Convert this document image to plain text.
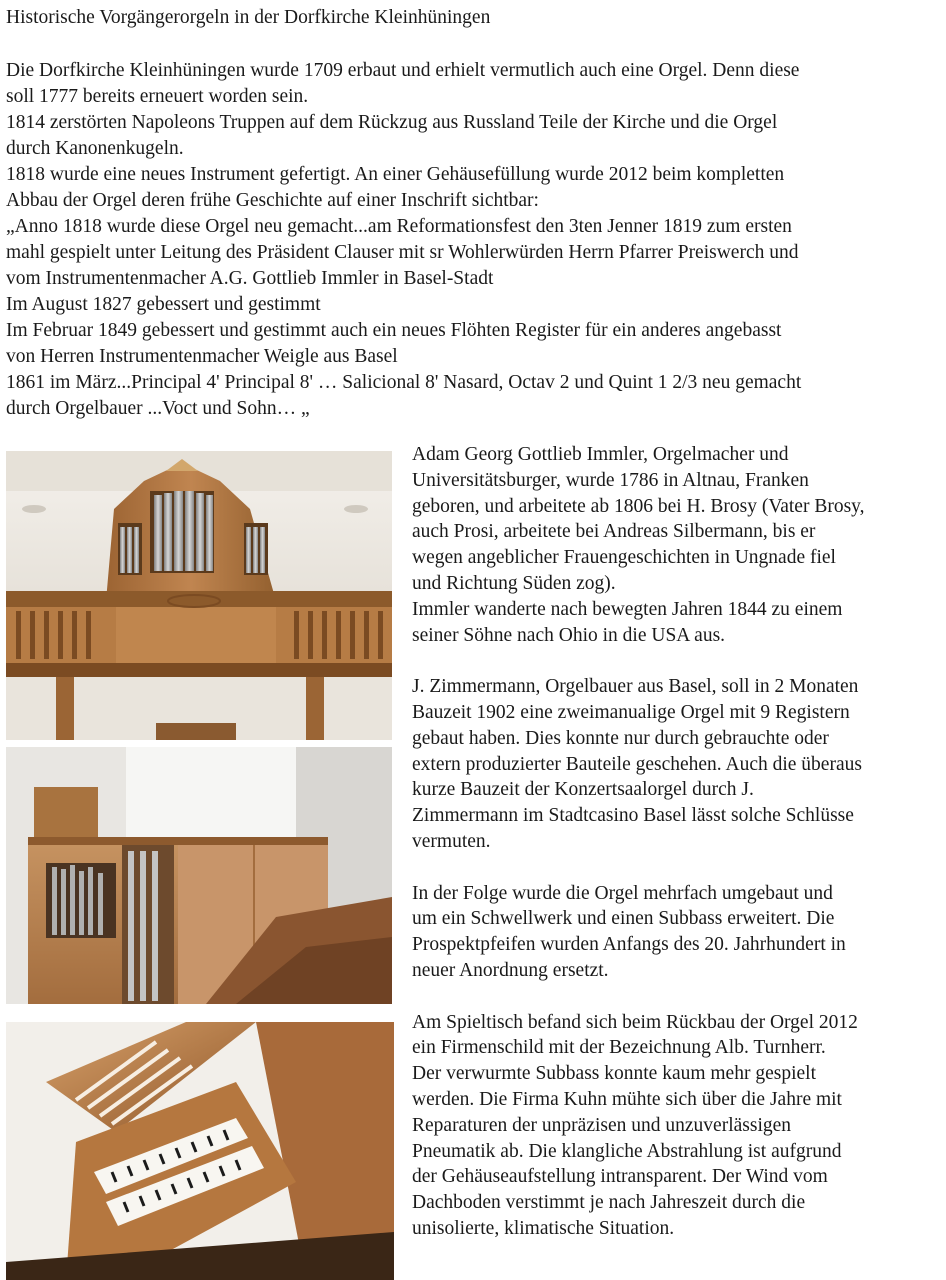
Historische Vorgängerorgeln in der Dorfkirche Kleinhüningen
Die Dorfkirche Kleinhüningen wurde 1709 erbaut und erhielt vermutlich auch eine Orgel. Denn diese
soll 1777 bereits erneuert worden sein.
1814 zerstörten Napoleons Truppen auf dem Rückzug aus Russland Teile der Kirche und die Orgel
durch Kanonenkugeln.
1818 wurde eine neues Instrument gefertigt. An einer Gehäusefüllung wurde 2012 beim kompletten
Abbau der Orgel deren frühe Geschichte auf einer Inschrift sichtbar:
„Anno 1818 wurde diese Orgel neu gemacht...am Reformationsfest den 3ten Jenner 1819 zum ersten
mahl gespielt unter Leitung des Präsident Clauser mit sr Wohlerwürden Herrn Pfarrer Preiswerch und
vom Instrumentenmacher A.G. Gottlieb Immler in Basel-Stadt
Im August 1827 gebessert und gestimmt
Im Februar 1849 gebessert und gestimmt auch ein neues Flöhten Register für ein anderes angebasst
von Herren Instrumentenmacher Weigle aus Basel
1861 im März...Principal 4' Principal 8' … Salicional 8' Nasard, Octav 2 und Quint 1 2/3 neu gemacht
durch Orgelbauer ...Voct und Sohn… „
Adam Georg Gottlieb Immler, Orgelmacher und
Universitätsburger, wurde 1786 in Altnau, Franken
geboren, und arbeitete ab 1806 bei H. Brosy (Vater Brosy,
auch Prosi, arbeitete bei Andreas Silbermann, bis er
wegen angeblicher Frauengeschichten in Ungnade fiel
und Richtung Süden zog).
Immler wanderte nach bewegten Jahren 1844 zu einem
seiner Söhne nach Ohio in die USA aus.
J. Zimmermann, Orgelbauer aus Basel, soll in 2 Monaten
Bauzeit 1902 eine zweimanualige Orgel mit 9 Registern
gebaut haben. Dies konnte nur durch gebrauchte oder
extern produzierter Bauteile geschehen. Auch die überaus
kurze Bauzeit der Konzertsaalorgel durch J.
Zimmermann im Stadtcasino Basel lässt solche Schlüsse
vermuten.
In der Folge wurde die Orgel mehrfach umgebaut und
um ein Schwellwerk und einen Subbass erweitert. Die
Prospektpfeifen wurden Anfangs des 20. Jahrhundert in
neuer Anordnung ersetzt.
Am Spieltisch befand sich beim Rückbau der Orgel 2012
ein Firmenschild mit der Bezeichnung Alb. Turnherr.
Der verwurmte Subbass konnte kaum mehr gespielt
werden. Die Firma Kuhn mühte sich über die Jahre mit
Reparaturen der unpräzisen und unzuverlässigen
Pneumatik ab. Die klangliche Abstrahlung ist aufgrund
der Gehäuseaufstellung intransparent. Der Wind vom
Dachboden verstimmt je nach Jahreszeit durch die
unisolierte, klimatische Situation.
